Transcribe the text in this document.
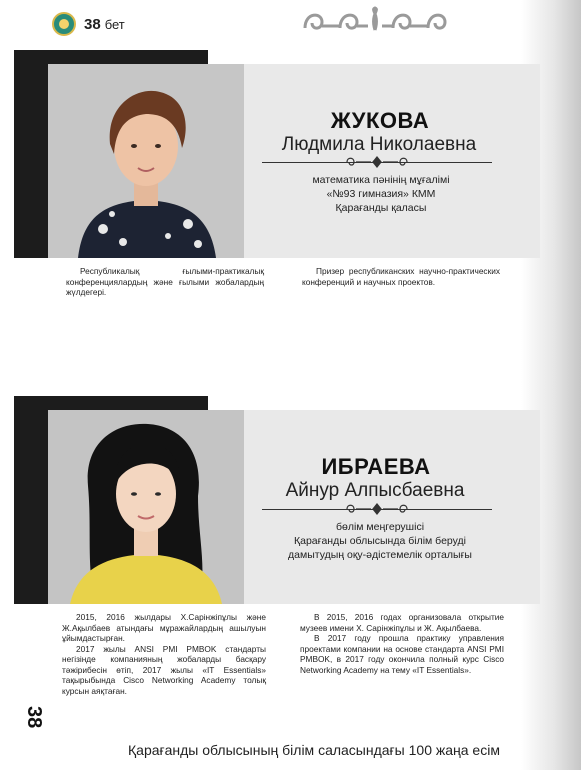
38 бет
ЖУКОВА
Людмила Николаевна
математика пәнінің мұғалімі
«№93 гимназия» КММ
Қарағанды қаласы
Республикалық ғылыми-практикалық конференциялардың және ғылыми жобалардың жүлдегері.
Призер республиканских научно-практических конференций и научных проектов.
ИБРАЕВА
Айнур Алпысбаевна
бөлім меңгерушісі
Қарағанды облысында білім беруді
дамытудың оқу-әдістемелік орталығы
2015, 2016 жылдары Х.Сарінжіпұлы және Ж.Ақылбаев атындағы мұражайлардың ашылуын ұйымдастырған.
2017 жылы ANSI PMI PMBOK стандарты негізінде компанияның жобаларды басқару тәжірибесін өтіп, 2017 жылы «IT Essentials» тақырыбында Cisco Networking Academy толық курсын аяқтаған.
В 2015, 2016 годах организовала открытие музеев имени Х. Сарінжіпұлы и Ж. Ақылбаева.
В 2017 году прошла практику управления проектами компании на основе стандарта ANSI PMI PMBOK, в 2017 году окончила полный курс Cisco Networking Academy на тему «IT Essentials».
38
Қарағанды облысының білім саласындағы 100 жаңа есім
